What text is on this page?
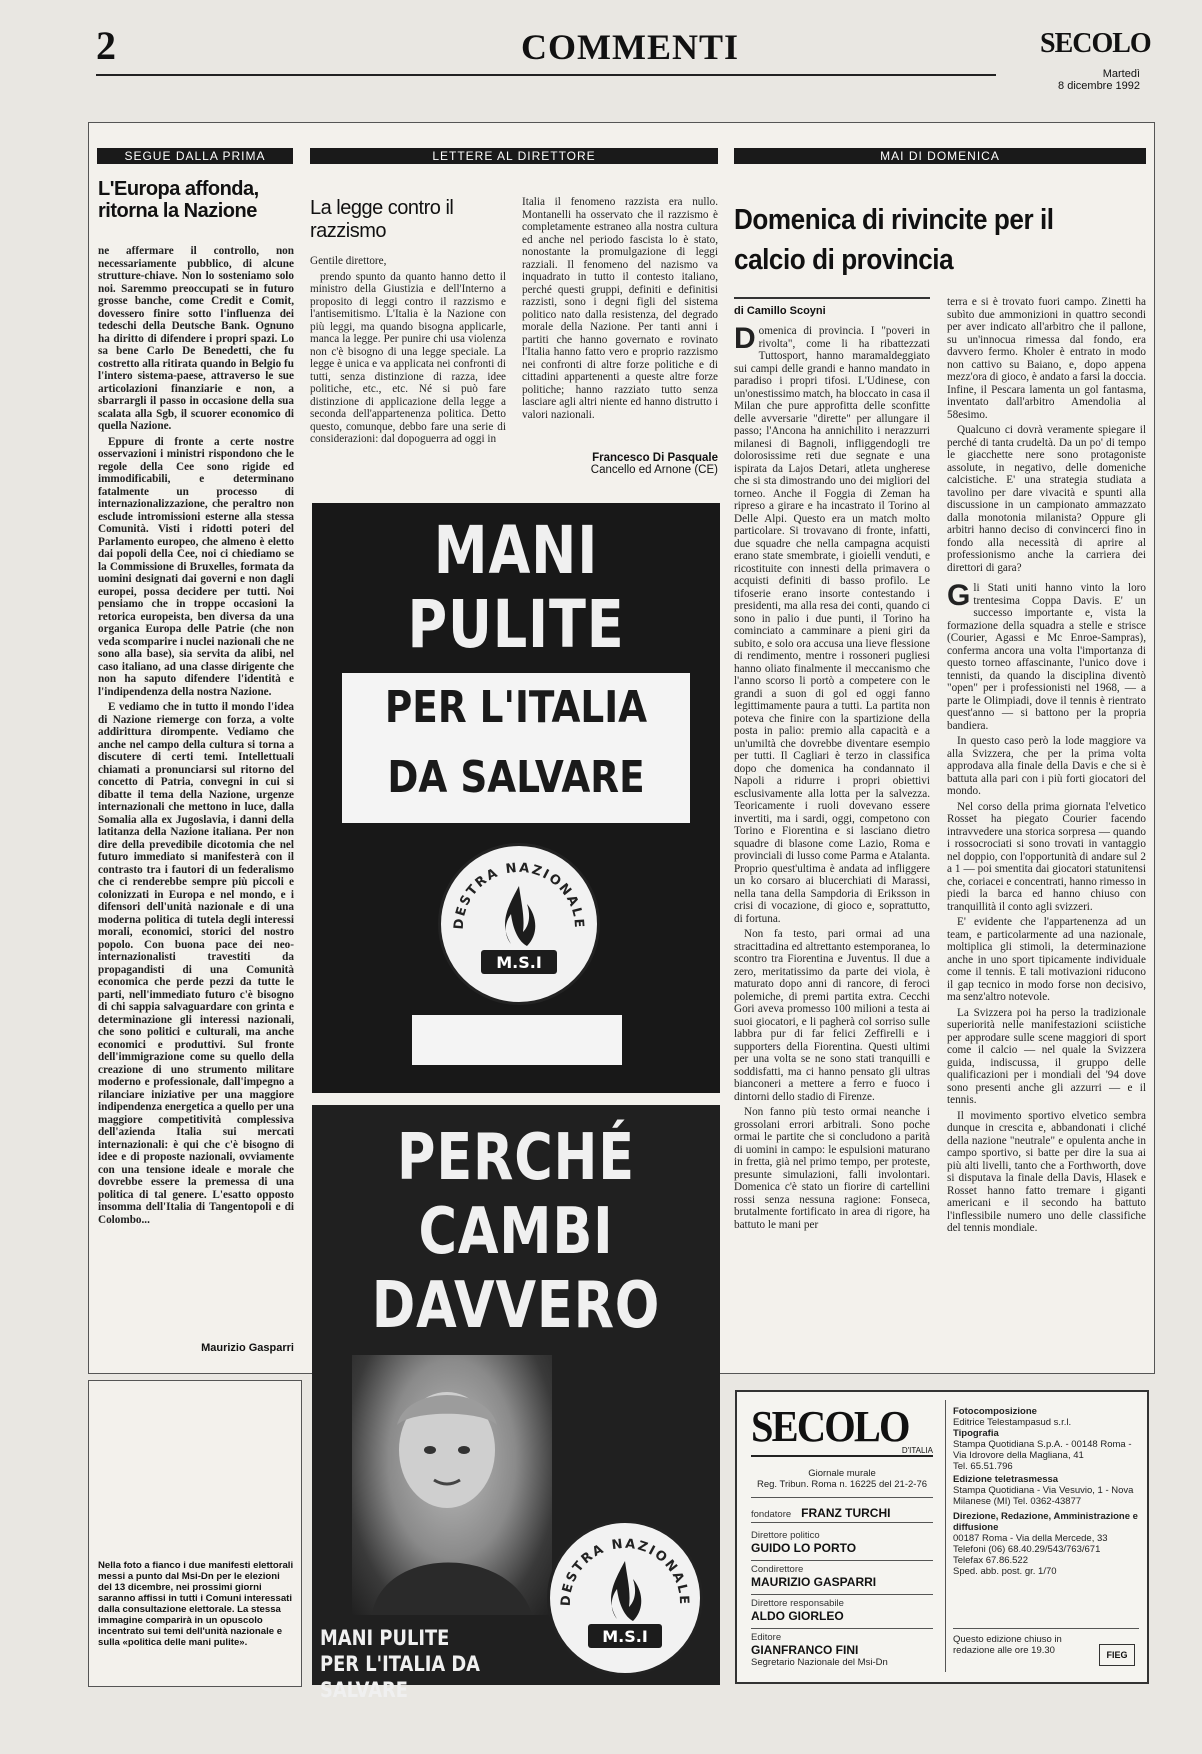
2	COMMENTI	SECOLO
Martedì
8 dicembre 1992
SEGUE DALLA PRIMA
L'Europa affonda, ritorna la Nazione

ne affermare il controllo, non necessariamente pubblico, di alcune strutture-chiave. Non lo sosteniamo solo noi. Saremmo preoccupati se in futuro grosse banche, come Credit e Comit, dovessero finire sotto l'influenza dei tedeschi della Deutsche Bank. Ognuno ha diritto di difendere i propri spazi. Lo sa bene Carlo De Benedetti, che fu costretto alla ritirata quando in Belgio fu l'intero sistema-paese, attraverso le sue articolazioni finanziarie e non, a sbarrargli il passo in occasione della sua scalata alla Sgb, il scuorer economico di quella Nazione.

Eppure di fronte a certe nostre osservazioni i ministri rispondono che le regole della Cee sono rigide ed immodificabili, e determinano fatalmente un processo di internazionalizzazione, che peraltro non esclude intromissioni esterne alla stessa Comunità. Visti i ridotti poteri del Parlamento europeo, che almeno è eletto dai popoli della Cee, noi ci chiediamo se la Commissione di Bruxelles, formata da uomini designati dai governi e non dagli europei, possa decidere per tutti. Noi pensiamo che in troppe occasioni la retorica europeista, ben diversa da una organica Europa delle Patrie (che non veda scomparire i nuclei nazionali che ne sono alla base), sia servita da alibi, nel caso italiano, ad una classe dirigente che non ha saputo difendere l'identità e l'indipendenza della nostra Nazione.

E vediamo che in tutto il mondo l'idea di Nazione riemerge con forza, a volte addirittura dirompente. Vediamo che anche nel campo della cultura si torna a discutere di certi temi. Intellettuali chiamati a pronunciarsi sul ritorno del concetto di Patria, convegni in cui si dibatte il tema della Nazione, urgenze internazionali che mettono in luce, dalla Somalia alla ex Jugoslavia, i danni della latitanza della Nazione italiana. Per non dire della prevedibile dicotomia che nel futuro immediato si manifesterà con il contrasto tra i fautori di un federalismo che ci renderebbe sempre più piccoli e colonizzati in Europa e nel mondo, e i difensori dell'unità nazionale e di una moderna politica di tutela degli interessi morali, economici, storici del nostro popolo. Con buona pace dei neo-internazionalisti travestiti da propagandisti di una Comunità economica che perde pezzi da tutte le parti, nell'immediato futuro c'è bisogno di chi sappia salvaguardare con grinta e determinazione gli interessi nazionali, che sono politici e culturali, ma anche economici e produttivi. Sul fronte dell'immigrazione come su quello della creazione di uno strumento militare moderno e professionale, dall'impegno a rilanciare iniziative per una maggiore indipendenza energetica a quello per una maggiore competitività complessiva dell'azienda Italia sui mercati internazionali: è qui che c'è bisogno di idee e di proposte nazionali, ovviamente con una tensione ideale e morale che dovrebbe essere la premessa di una politica di tal genere. L'esatto opposto insomma dell'Italia di Tangentopoli e di Colombo...

Maurizio Gasparri
LETTERE AL DIRETTORE
La legge contro il razzismo

Gentile direttore,

prendo spunto da quanto hanno detto il ministro della Giustizia e dell'Interno a proposito di leggi contro il razzismo e l'antisemitismo. L'Italia è la Nazione con più leggi, ma quando bisogna applicarle, manca la legge. Per punire chi usa violenza non c'è bisogno di una legge speciale. La legge è unica e va applicata nei confronti di tutti, senza distinzione di razza, idee politiche, etc., etc. Né si può fare distinzione di applicazione della legge a seconda dell'appartenenza politica. Detto questo, comunque, debbo fare una serie di considerazioni: dal dopoguerra ad oggi in

Italia il fenomeno razzista era nullo. Montanelli ha osservato che il razzismo è completamente estraneo alla nostra cultura ed anche nel periodo fascista lo è stato, nonostante la promulgazione di leggi razziali. Il fenomeno del nazismo va inquadrato in tutto il contesto italiano, perché questi gruppi, definiti e definitisi razzisti, sono i degni figli del sistema politico nato dalla resistenza, del degrado morale della Nazione. Per tanti anni i partiti che hanno governato e rovinato l'Italia hanno fatto vero e proprio razzismo nei confronti di altre forze politiche e di cittadini appartenenti a queste altre forze politiche; hanno razziato tutto senza lasciare agli altri niente ed hanno distrutto i valori nazionali.

Francesco Di Pasquale
Cancello ed Arnone (CE)
MANI
PULITE
PER L'ITALIA
DA SALVARE
DESTRA NAZIONALE
M.S.I
PERCHÉ
CAMBI
DAVVERO
DESTRA NAZIONALE
M.S.I
MANI PULITE
PER L'ITALIA DA SALVARE
Nella foto a fianco i due manifesti elettorali messi a punto dal Msi-Dn per le elezioni del 13 dicembre, nei prossimi giorni saranno affissi in tutti i Comuni interessati dalla consultazione elettorale. La stessa immagine comparirà in un opuscolo incentrato sui temi dell'unità nazionale e sulla «politica delle mani pulite».
MAI DI DOMENICA
Domenica di rivincite per il calcio di provincia
di Camillo Scoyni

Domenica di provincia. I "poveri in rivolta", come li ha ribattezzati Tuttosport, hanno maramaldeggiato sui campi delle grandi e hanno mandato in paradiso i propri tifosi. L'Udinese, con un'onestissimo match, ha bloccato in casa il Milan che pure approfitta delle sconfitte delle avversarie "dirette" per allungare il passo; l'Ancona ha annichilito i nerazzurri milanesi di Bagnoli, infliggendogli tre dolorosissime reti due segnate e una ispirata da Lajos Detari, atleta ungherese che si sta dimostrando uno dei migliori del torneo. Anche il Foggia di Zeman ha ripreso a girare e ha incastrato il Torino al Delle Alpi. Questo era un match molto particolare. Si trovavano di fronte, infatti, due squadre che nella campagna acquisti erano state smembrate, i gioielli venduti, e ricostituite con innesti della primavera o acquisti definiti di basso profilo. Le tifoserie erano insorte contestando i presidenti, ma alla resa dei conti, quando ci sono in palio i due punti, il Torino ha cominciato a camminare a pieni giri da subito, e solo ora accusa una lieve flessione di rendimento, mentre i rossoneri pugliesi hanno oliato finalmente il meccanismo che l'anno scorso li portò a competere con le grandi a suon di gol ed oggi fanno legittimamente paura a tutti. La partita non poteva che finire con la spartizione della posta in palio: premio alla capacità e a un'umiltà che dovrebbe diventare esempio per tutti. Il Cagliari è terzo in classifica dopo che domenica ha condannato il Napoli a ridurre i propri obiettivi esclusivamente alla lotta per la salvezza. Teoricamente i ruoli dovevano essere invertiti, ma i sardi, oggi, competono con Torino e Fiorentina e si lasciano dietro squadre di blasone come Lazio, Roma e provinciali di lusso come Parma e Atalanta. Proprio quest'ultima è andata ad infliggere un ko corsaro ai blucerchiati di Marassi, nella tana della Sampdoria di Eriksson in crisi di vocazione, di gioco e, soprattutto, di fortuna.

Non fa testo, pari ormai ad una stracittadina ed altrettanto estemporanea, lo scontro tra Fiorentina e Juventus. Il due a zero, meritatissimo da parte dei viola, è maturato dopo anni di rancore, di feroci polemiche, di premi partita extra. Cecchi Gori aveva promesso 100 milioni a testa ai suoi giocatori, e li pagherà col sorriso sulle labbra pur di far felici Zeffirelli e i supporters della Fiorentina. Questi ultimi per una volta se ne sono stati tranquilli e soddisfatti, ma ci hanno pensato gli ultras bianconeri a mettere a ferro e fuoco i dintorni dello stadio di Firenze.

Non fanno più testo ormai neanche i grossolani errori arbitrali. Sono poche ormai le partite che si concludono a parità di uomini in campo: le espulsioni maturano in fretta, già nel primo tempo, per proteste, presunte simulazioni, falli involontari. Domenica c'è stato un fiorire di cartellini rossi senza nessuna ragione: Fonseca, brutalmente fortificato in area di rigore, ha battuto le mani per

terra e si è trovato fuori campo. Zinetti ha subìto due ammonizioni in quattro secondi per aver indicato all'arbitro che il pallone, su un'innocua rimessa dal fondo, era davvero fermo. Kholer è entrato in modo non cattivo su Baiano, e, dopo appena mezz'ora di gioco, è andato a farsi la doccia. Infine, il Pescara lamenta un gol fantasma, inventato dall'arbitro Amendolia al 58esimo.

Qualcuno ci dovrà veramente spiegare il perché di tanta crudeltà. Da un po' di tempo le giacchette nere sono protagoniste assolute, in negativo, delle domeniche calcistiche. E' una strategia studiata a tavolino per dare vivacità e spunti alla discussione in un campionato ammazzato dalla monotonia milanista? Oppure gli arbitri hanno deciso di convincerci fino in fondo alla necessità di aprire al professionismo anche la carriera dei direttori di gara?

Gli Stati uniti hanno vinto la loro trentesima Coppa Davis. E' un successo importante e, vista la formazione della squadra a stelle e strisce (Courier, Agassi e Mc Enroe-Sampras), conferma ancora una volta l'importanza di questo torneo affascinante, l'unico dove i tennisti, da quando la disciplina diventò "open" per i professionisti nel 1968, — a parte le Olimpiadi, dove il tennis è rientrato quest'anno — si battono per la propria bandiera.

In questo caso però la lode maggiore va alla Svizzera, che per la prima volta approdava alla finale della Davis e che si è battuta alla pari con i più forti giocatori del mondo.

Nel corso della prima giornata l'elvetico Rosset ha piegato Courier facendo intravvedere una storica sorpresa — quando i rossocrociati si sono trovati in vantaggio nel doppio, con l'opportunità di andare sul 2 a 1 — poi smentita dai giocatori statunitensi che, coriacei e concentrati, hanno rimesso in piedi la barca ed hanno chiuso con tranquillità il conto agli svizzeri.

E' evidente che l'appartenenza ad un team, e particolarmente ad una nazionale, moltiplica gli stimoli, la determinazione anche in uno sport tipicamente individuale come il tennis. E tali motivazioni riducono il gap tecnico in modo forse non decisivo, ma senz'altro notevole.

La Svizzera poi ha perso la tradizionale superiorità nelle manifestazioni sciistiche per approdare sulle scene maggiori di sport come il calcio — nel quale la Svizzera guida, indiscussa, il gruppo delle qualificazioni per i mondiali del '94 dove sono presenti anche gli azzurri — e il tennis.

Il movimento sportivo elvetico sembra dunque in crescita e, abbandonati i cliché della nazione "neutrale" e opulenta anche in campo sportivo, si batte per dire la sua ai più alti livelli, tanto che a Forthworth, dove si disputava la finale della Davis, Hlasek e Rosset hanno fatto tremare i giganti americani e il secondo ha battuto l'inflessibile numero uno delle classifiche del tennis mondiale.

SECOLO
D'ITALIA
Giornale murale
Reg. Tribun. Roma n. 16225 del 21-2-76
fondatore FRANZ TURCHI
Direttore politico
GUIDO LO PORTO
Condirettore
MAURIZIO GASPARRI
Direttore responsabile
ALDO GIORLEO
Editore
GIANFRANCO FINI
Segretario Nazionale del Msi-Dn
Fotocomposizione
Editrice Telestampasud s.r.l.
Tipografia
Stampa Quotidiana S.p.A. - 00148 Roma - Via Idrovore della Magliana, 41
Tel. 65.51.796
Edizione teletrasmessa
Stampa Quotidiana - Via Vesuvio, 1 - Nova Milanese (MI) Tel. 0362-43877
Direzione, Redazione, Amministrazione e diffusione
00187 Roma - Via della Mercede, 33
Telefoni (06) 68.40.29/543/763/671
Telefax 67.86.522
Sped. abb. post. gr. 1/70
Questo edizione chiuso in redazione alle ore 19.30	FIEG
